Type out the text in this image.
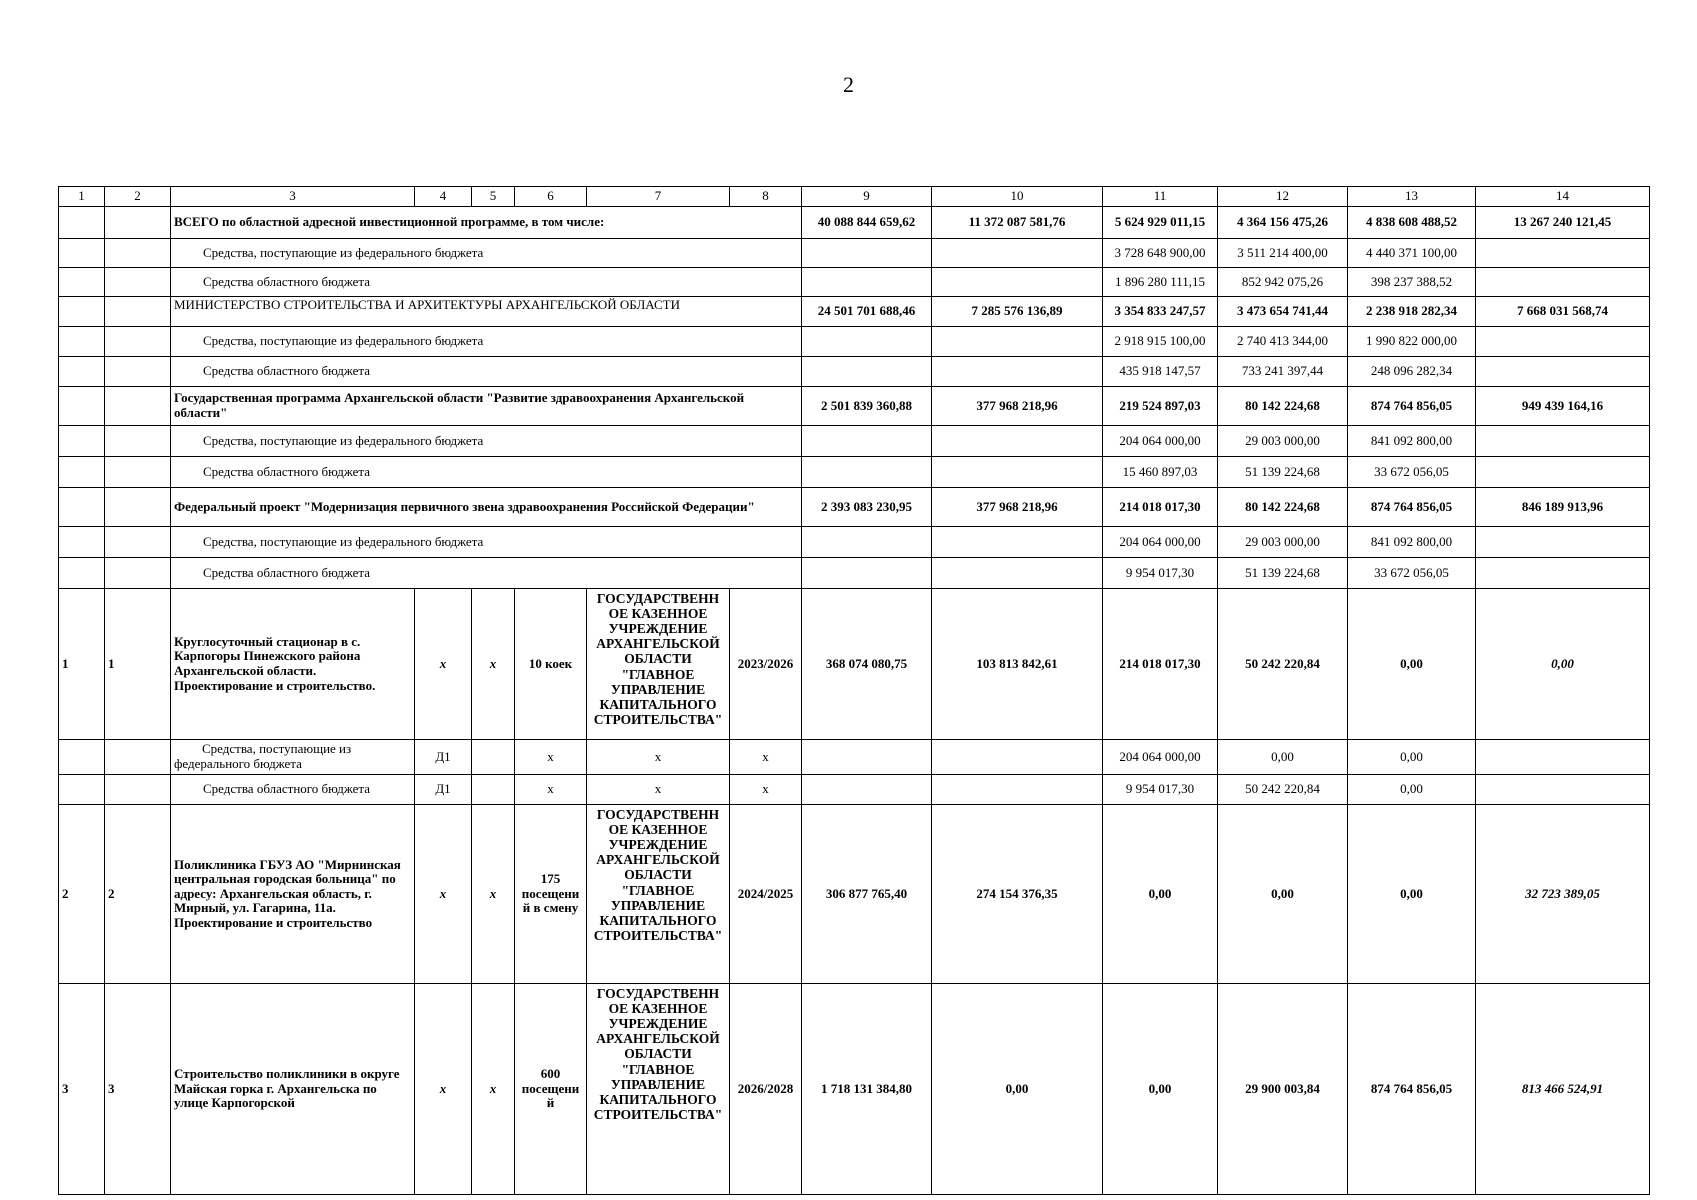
2
1	2	3	4	5	6	7	8	9	10	11	12	13	14
		ВСЕГО по областной адресной инвестиционной программе, в том числе:						40 088 844 659,62	11 372 087 581,76	5 624 929 011,15	4 364 156 475,26	4 838 608 488,52	13 267 240 121,45
		Средства, поступающие из федерального бюджета								3 728 648 900,00	3 511 214 400,00	4 440 371 100,00	
		Средства областного бюджета								1 896 280 111,15	852 942 075,26	398 237 388,52	
		МИНИСТЕРСТВО СТРОИТЕЛЬСТВА И АРХИТЕКТУРЫ АРХАНГЕЛЬСКОЙ ОБЛАСТИ						24 501 701 688,46	7 285 576 136,89	3 354 833 247,57	3 473 654 741,44	2 238 918 282,34	7 668 031 568,74
		Средства, поступающие из федерального бюджета								2 918 915 100,00	2 740 413 344,00	1 990 822 000,00	
		Средства областного бюджета								435 918 147,57	733 241 397,44	248 096 282,34	
		Государственная программа Архангельской области "Развитие здравоохранения Архангельской области"						2 501 839 360,88	377 968 218,96	219 524 897,03	80 142 224,68	874 764 856,05	949 439 164,16
		Средства, поступающие из федерального бюджета								204 064 000,00	29 003 000,00	841 092 800,00	
		Средства областного бюджета								15 460 897,03	51 139 224,68	33 672 056,05	
		Федеральный проект "Модернизация первичного звена здравоохранения Российской Федерации"						2 393 083 230,95	377 968 218,96	214 018 017,30	80 142 224,68	874 764 856,05	846 189 913,96
		Средства, поступающие из федерального бюджета								204 064 000,00	29 003 000,00	841 092 800,00	
		Средства областного бюджета								9 954 017,30	51 139 224,68	33 672 056,05	
1	1	Круглосуточный стационар в с. Карпогоры Пинежского района Архангельской области. Проектирование и строительство.	x	x	10 коек	ГОСУДАРСТВЕНН ОЕ КАЗЕННОЕ УЧРЕЖДЕНИЕ АРХАНГЕЛЬСКОЙ ОБЛАСТИ "ГЛАВНОЕ УПРАВЛЕНИЕ КАПИТАЛЬНОГО СТРОИТЕЛЬСТВА"	2023/2026	368 074 080,75	103 813 842,61	214 018 017,30	50 242 220,84	0,00	0,00
		Средства, поступающие из федерального бюджета	Д1		x	x	x			204 064 000,00	0,00	0,00	
		Средства областного бюджета	Д1		x	x	x			9 954 017,30	50 242 220,84	0,00	
2	2	Поликлиника ГБУЗ АО "Мирнинская центральная городская больница" по адресу: Архангельская область, г. Мирный, ул. Гагарина, 11а. Проектирование и строительство	x	x	175 посещени й в смену	ГОСУДАРСТВЕНН ОЕ КАЗЕННОЕ УЧРЕЖДЕНИЕ АРХАНГЕЛЬСКОЙ ОБЛАСТИ "ГЛАВНОЕ УПРАВЛЕНИЕ КАПИТАЛЬНОГО СТРОИТЕЛЬСТВА"	2024/2025	306 877 765,40	274 154 376,35	0,00	0,00	0,00	32 723 389,05
3	3	Строительство поликлиники в округе Майская горка г. Архангельска по улице Карпогорской	x	x	600 посещени й	ГОСУДАРСТВЕНН ОЕ КАЗЕННОЕ УЧРЕЖДЕНИЕ АРХАНГЕЛЬСКОЙ ОБЛАСТИ "ГЛАВНОЕ УПРАВЛЕНИЕ КАПИТАЛЬНОГО СТРОИТЕЛЬСТВА"	2026/2028	1 718 131 384,80	0,00	0,00	29 900 003,84	874 764 856,05	813 466 524,91
